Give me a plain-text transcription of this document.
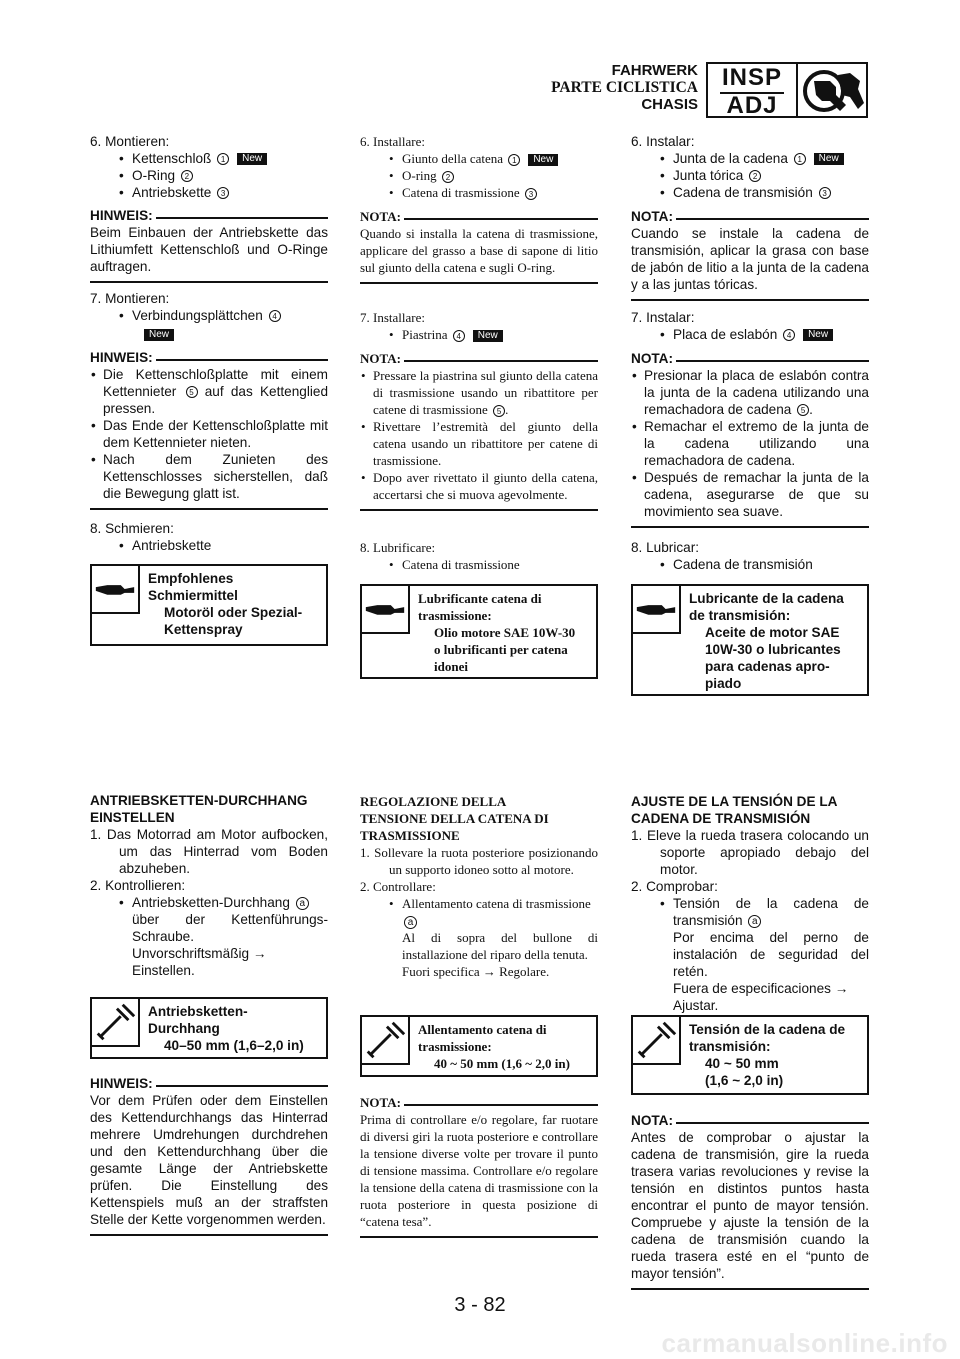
FAHRWERK
PARTE CICLISTICA
CHASIS
INSP
ADJ
6. Montieren:
• Kettenschloß 1 New
• O-Ring 2
• Antriebskette 3
HINWEIS:
Beim Einbauen der Antriebskette das Lithiumfett Kettenschloß und O-Ringe auftragen.
7. Montieren:
• Verbindungsplättchen 4
New
HINWEIS:
• Die Kettenschloßplatte mit einem Kettennieter 5 auf das Kettenglied pressen.
• Das Ende der Kettenschloßplatte mit dem Kettennieter nieten.
• Nach dem Zunieten des Kettenschlosses sicherstellen, daß die Bewegung glatt ist.
8. Schmieren:
• Antriebskette
Empfohlenes
Schmiermittel
Motoröl oder Spezial-
Kettenspray
ANTRIEBSKETTEN-DURCHHANG
EINSTELLEN
1. Das Motorrad am Motor aufbocken, um das Hinterrad vom Boden abzuheben.
2. Kontrollieren:
• Antriebsketten-Durchhang a
über der Kettenführungs-Schraube.
Unvorschriftsmäßig → Einstellen.
Antriebsketten-
Durchhang
40–50 mm (1,6–2,0 in)
HINWEIS:
Vor dem Prüfen oder dem Einstellen des Kettendurchhangs das Hinterrad mehrere Umdrehungen durchdrehen und den Kettendurchhang über die gesamte Länge der Antriebskette prüfen. Die Einstellung des Kettenspiels muß an der straffsten Stelle der Kette vorgenommen werden.
6. Installare:
• Giunto della catena 1 New
• O-ring 2
• Catena di trasmissione 3
NOTA:
Quando si installa la catena di trasmissione, applicare del grasso a base di sapone di litio sul giunto della catena e sugli O-ring.
7. Installare:
• Piastrina 4 New
NOTA:
• Pressare la piastrina sul giunto della catena di trasmissione usando un ribattitore per catene di trasmissione 5 .
• Rivettare l’estremità del giunto della catena usando un ribattitore per catene di trasmissione.
• Dopo aver rivettato il giunto della catena, accertarsi che si muova agevolmente.
8. Lubrificare:
• Catena di trasmissione
Lubrificante catena di
trasmissione:
Olio motore SAE 10W-30
o lubrificanti per catena
idonei
REGOLAZIONE DELLA
TENSIONE DELLA CATENA DI
TRASMISSIONE
1. Sollevare la ruota posteriore posizionando un supporto idoneo sotto al motore.
2. Controllare:
• Allentamento catena di trasmissione a
Al di sopra del bullone di installazione del riparo della tenuta.
Fuori specifica → Regolare.
Allentamento catena di
trasmissione:
40 ~ 50 mm (1,6 ~ 2,0 in)
NOTA:
Prima di controllare e/o regolare, far ruotare di diversi giri la ruota posteriore e controllare la tensione diverse volte per trovare il punto di tensione massima. Controllare e/o regolare la tensione della catena di trasmissione con la ruota posteriore in questa posizione di “catena tesa”.
6. Instalar:
• Junta de la cadena 1 New
• Junta tórica 2
• Cadena de transmisión 3
NOTA:
Cuando se instale la cadena de transmisión, aplicar la grasa con base de jabón de litio a la junta de la cadena y a las juntas tóricas.
7. Instalar:
• Placa de eslabón 4 New
NOTA:
• Presionar la placa de eslabón contra la junta de la cadena utilizando una remachadora de cadena 5 .
• Remachar el extremo de la junta de la cadena utilizando una remachadora de cadena.
• Después de remachar la junta de la cadena, asegurarse de que su movimiento sea suave.
8. Lubricar:
• Cadena de transmisión
Lubricante de la cadena
de transmisión:
Aceite de motor SAE
10W-30 o lubricantes
para cadenas apro-
piado
AJUSTE DE LA TENSIÓN DE LA
CADENA DE TRANSMISIÓN
1. Eleve la rueda trasera colocando un soporte apropiado debajo del motor.
2. Comprobar:
• Tensión de la cadena de transmisión a
Por encima del perno de instalación de seguridad del retén.
Fuera de especificaciones → Ajustar.
Tensión de la cadena de
transmisión:
40 ~ 50 mm
(1,6 ~ 2,0 in)
NOTA:
Antes de comprobar o ajustar la cadena de transmisión, gire la rueda trasera varias revoluciones y revise la tensión en distintos puntos hasta encontrar el punto de mayor tensión. Compruebe y ajuste la tensión de la cadena de transmisión cuando la rueda trasera esté en el “punto de mayor tensión”.
3 - 82
carmanualsonline.info
